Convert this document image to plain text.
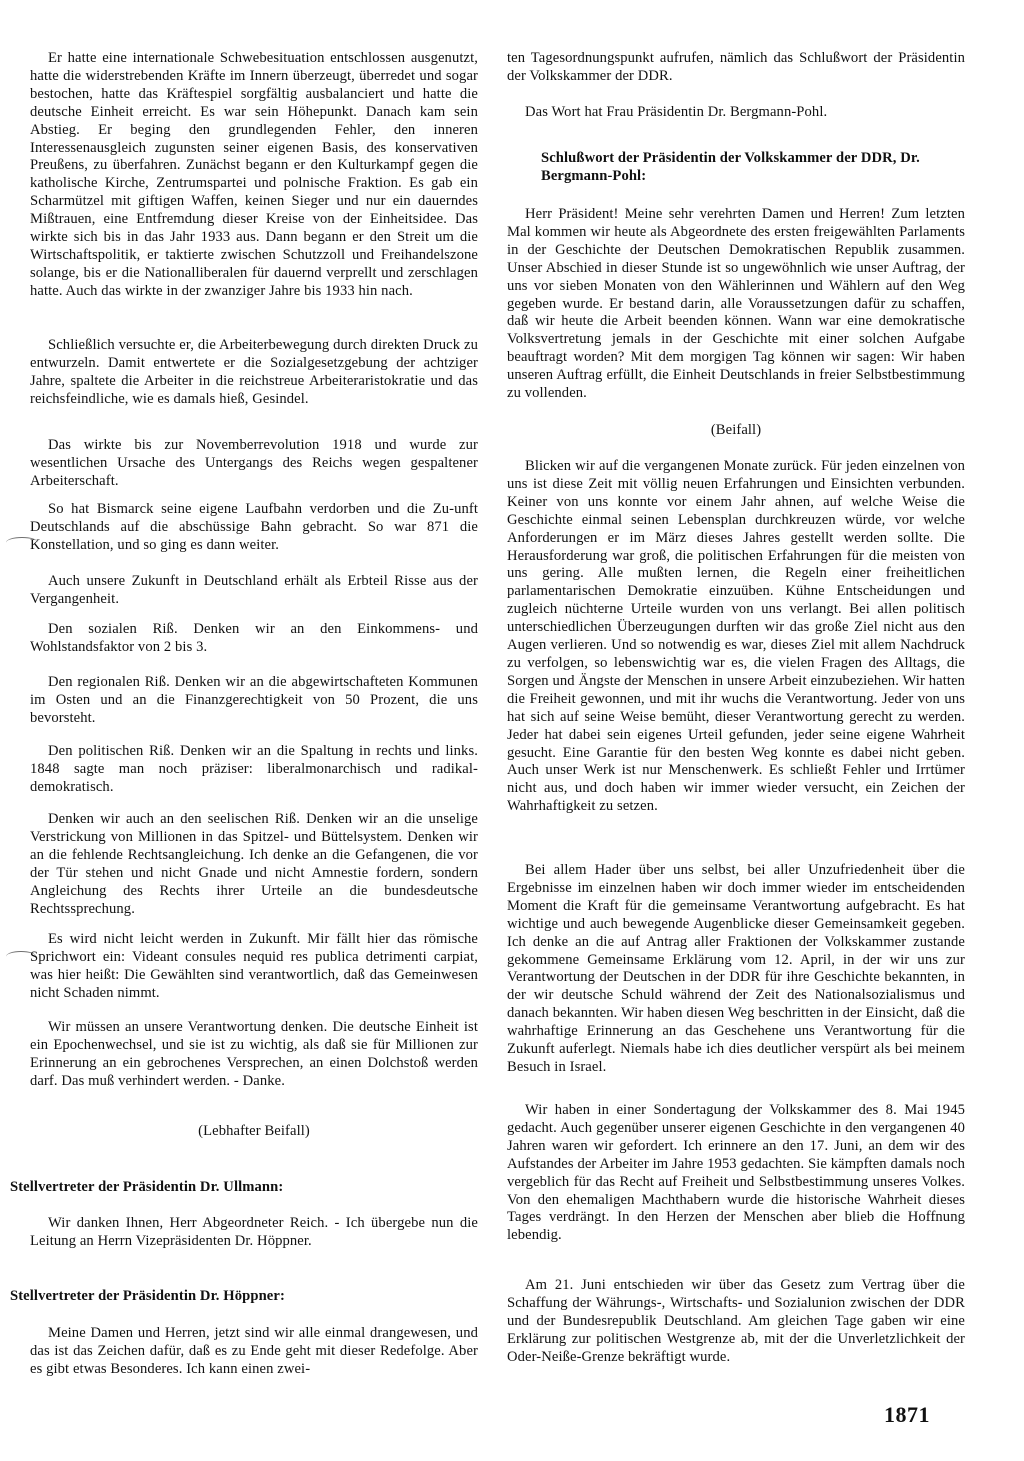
Er hatte eine internationale Schwebesituation entschlossen ausgenutzt, hatte die widerstrebenden Kräfte im Innern überzeugt, überredet und sogar bestochen, hatte das Kräftespiel sorgfältig ausbalanciert und hatte die deutsche Einheit erreicht. Es war sein Höhepunkt. Danach kam sein Abstieg. Er beging den grundlegenden Fehler, den inneren Interessenausgleich zugunsten seiner eigenen Basis, des konservativen Preußens, zu überfahren. Zunächst begann er den Kulturkampf gegen die katholische Kirche, Zentrumspartei und polnische Fraktion. Es gab ein Scharmützel mit giftigen Waffen, keinen Sieger und nur ein dauerndes Mißtrauen, eine Entfremdung dieser Kreise von der Einheitsidee. Das wirkte sich bis in das Jahr 1933 aus. Dann begann er den Streit um die Wirtschaftspolitik, er taktierte zwischen Schutzzoll und Freihandelszone solange, bis er die Nationalliberalen für dauernd verprellt und zerschlagen hatte. Auch das wirkte in der zwanziger Jahre bis 1933 hin nach.

Schließlich versuchte er, die Arbeiterbewegung durch direkten Druck zu entwurzeln. Damit entwertete er die Sozialgesetzgebung der achtziger Jahre, spaltete die Arbeiter in die reichstreue Arbeiteraristokratie und das reichsfeindliche, wie es damals hieß, Gesindel.

Das wirkte bis zur Novemberrevolution 1918 und wurde zur wesentlichen Ursache des Untergangs des Reichs wegen gespaltener Arbeiterschaft.

So hat Bismarck seine eigene Laufbahn verdorben und die Zu-unft Deutschlands auf die abschüssige Bahn gebracht. So war 871 die Konstellation, und so ging es dann weiter.

Auch unsere Zukunft in Deutschland erhält als Erbteil Risse aus der Vergangenheit.

Den sozialen Riß. Denken wir an den Einkommens- und Wohlstandsfaktor von 2 bis 3.

Den regionalen Riß. Denken wir an die abgewirtschafteten Kommunen im Osten und an die Finanzgerechtigkeit von 50 Prozent, die uns bevorsteht.

Den politischen Riß. Denken wir an die Spaltung in rechts und links. 1848 sagte man noch präziser: liberalmonarchisch und radikal-demokratisch.

Denken wir auch an den seelischen Riß. Denken wir an die unselige Verstrickung von Millionen in das Spitzel- und Büttelsystem. Denken wir an die fehlende Rechtsangleichung. Ich denke an die Gefangenen, die vor der Tür stehen und nicht Gnade und nicht Amnestie fordern, sondern Angleichung des Rechts ihrer Urteile an die bundesdeutsche Rechtssprechung.

Es wird nicht leicht werden in Zukunft. Mir fällt hier das römische Sprichwort ein: Videant consules nequid res publica detrimenti carpiat, was hier heißt: Die Gewählten sind verantwortlich, daß das Gemeinwesen nicht Schaden nimmt.

Wir müssen an unsere Verantwortung denken. Die deutsche Einheit ist ein Epochenwechsel, und sie ist zu wichtig, als daß sie für Millionen zur Erinnerung an ein gebrochenes Versprechen, an einen Dolchstoß werden darf. Das muß verhindert werden. - Danke.

(Lebhafter Beifall)

Stellvertreter der Präsidentin Dr. Ullmann:

Wir danken Ihnen, Herr Abgeordneter Reich. - Ich übergebe nun die Leitung an Herrn Vizepräsidenten Dr. Höppner.

Stellvertreter der Präsidentin Dr. Höppner:

Meine Damen und Herren, jetzt sind wir alle einmal drangewesen, und das ist das Zeichen dafür, daß es zu Ende geht mit dieser Redefolge. Aber es gibt etwas Besonderes. Ich kann einen zwei-

ten Tagesordnungspunkt aufrufen, nämlich das Schlußwort der Präsidentin der Volkskammer der DDR.

Das Wort hat Frau Präsidentin Dr. Bergmann-Pohl.

Schlußwort der Präsidentin der Volkskammer der DDR, Dr. Bergmann-Pohl:

Herr Präsident! Meine sehr verehrten Damen und Herren! Zum letzten Mal kommen wir heute als Abgeordnete des ersten freigewählten Parlaments in der Geschichte der Deutschen Demokratischen Republik zusammen. Unser Abschied in dieser Stunde ist so ungewöhnlich wie unser Auftrag, der uns vor sieben Monaten von den Wählerinnen und Wählern auf den Weg gegeben wurde. Er bestand darin, alle Voraussetzungen dafür zu schaffen, daß wir heute die Arbeit beenden können. Wann war eine demokratische Volksvertretung jemals in der Geschichte mit einer solchen Aufgabe beauftragt worden? Mit dem morgigen Tag können wir sagen: Wir haben unseren Auftrag erfüllt, die Einheit Deutschlands in freier Selbstbestimmung zu vollenden.

(Beifall)

Blicken wir auf die vergangenen Monate zurück. Für jeden einzelnen von uns ist diese Zeit mit völlig neuen Erfahrungen und Einsichten verbunden. Keiner von uns konnte vor einem Jahr ahnen, auf welche Weise die Geschichte einmal seinen Lebensplan durchkreuzen würde, vor welche Anforderungen er im März dieses Jahres gestellt werden sollte. Die Herausforderung war groß, die politischen Erfahrungen für die meisten von uns gering. Alle mußten lernen, die Regeln einer freiheitlichen parlamentarischen Demokratie einzuüben. Kühne Entscheidungen und zugleich nüchterne Urteile wurden von uns verlangt. Bei allen politisch unterschiedlichen Überzeugungen durften wir das große Ziel nicht aus den Augen verlieren. Und so notwendig es war, dieses Ziel mit allem Nachdruck zu verfolgen, so lebenswichtig war es, die vielen Fragen des Alltags, die Sorgen und Ängste der Menschen in unsere Arbeit einzubeziehen. Wir hatten die Freiheit gewonnen, und mit ihr wuchs die Verantwortung. Jeder von uns hat sich auf seine Weise bemüht, dieser Verantwortung gerecht zu werden. Jeder hat dabei sein eigenes Urteil gefunden, jeder seine eigene Wahrheit gesucht. Eine Garantie für den besten Weg konnte es dabei nicht geben. Auch unser Werk ist nur Menschenwerk. Es schließt Fehler und Irrtümer nicht aus, und doch haben wir immer wieder versucht, ein Zeichen der Wahrhaftigkeit zu setzen.

Bei allem Hader über uns selbst, bei aller Unzufriedenheit über die Ergebnisse im einzelnen haben wir doch immer wieder im entscheidenden Moment die Kraft für die gemeinsame Verantwortung aufgebracht. Es hat wichtige und auch bewegende Augenblicke dieser Gemeinsamkeit gegeben. Ich denke an die auf Antrag aller Fraktionen der Volkskammer zustande gekommene Gemeinsame Erklärung vom 12. April, in der wir uns zur Verantwortung der Deutschen in der DDR für ihre Geschichte bekannten, in der wir deutsche Schuld während der Zeit des Nationalsozialismus und danach bekannten. Wir haben diesen Weg beschritten in der Einsicht, daß die wahrhaftige Erinnerung an das Geschehene uns Verantwortung für die Zukunft auferlegt. Niemals habe ich dies deutlicher verspürt als bei meinem Besuch in Israel.

Wir haben in einer Sondertagung der Volkskammer des 8. Mai 1945 gedacht. Auch gegenüber unserer eigenen Geschichte in den vergangenen 40 Jahren waren wir gefordert. Ich erinnere an den 17. Juni, an dem wir des Aufstandes der Arbeiter im Jahre 1953 gedachten. Sie kämpften damals noch vergeblich für das Recht auf Freiheit und Selbstbestimmung unseres Volkes. Von den ehemaligen Machthabern wurde die historische Wahrheit dieses Tages verdrängt. In den Herzen der Menschen aber blieb die Hoffnung lebendig.

Am 21. Juni entschieden wir über das Gesetz zum Vertrag über die Schaffung der Währungs-, Wirtschafts- und Sozialunion zwischen der DDR und der Bundesrepublik Deutschland. Am gleichen Tage gaben wir eine Erklärung zur politischen Westgrenze ab, mit der die Unverletzlichkeit der Oder-Neiße-Grenze bekräftigt wurde.

1871
